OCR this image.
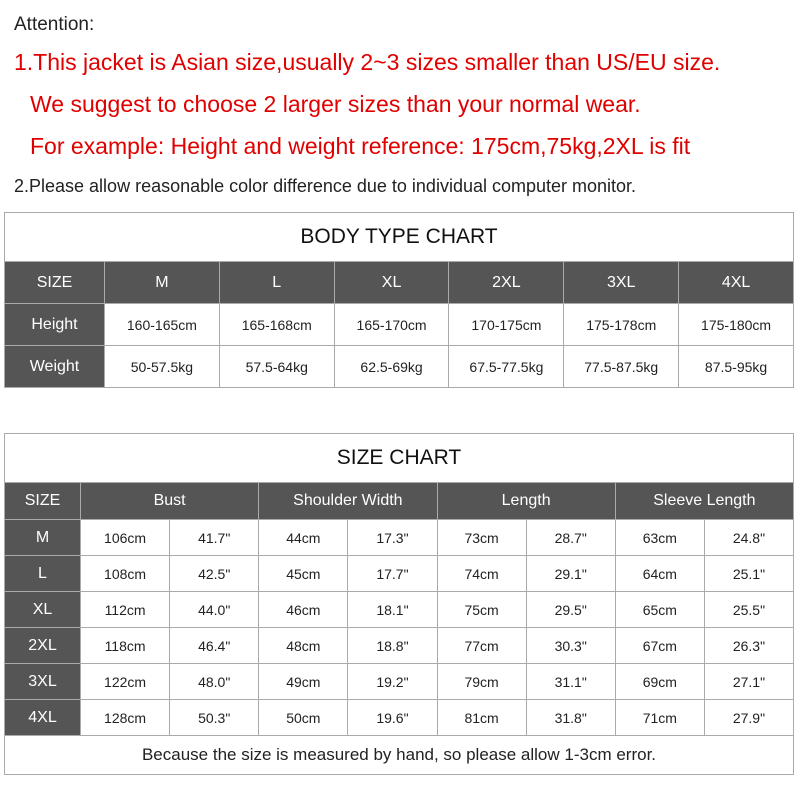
Attention:
1.This jacket is Asian size,usually 2~3 sizes smaller than US/EU size.
We suggest to choose 2 larger sizes than your normal wear.
For example: Height and weight reference: 175cm,75kg,2XL is fit
2.Please allow reasonable color difference due to individual computer monitor.
BODY TYPE CHART						
SIZE	M	L	XL	2XL	3XL	4XL
Height	160-165cm	165-168cm	165-170cm	170-175cm	175-178cm	175-180cm
Weight	50-57.5kg	57.5-64kg	62.5-69kg	67.5-77.5kg	77.5-87.5kg	87.5-95kg
SIZE CHART								
SIZE	Bust		Shoulder Width		Length		Sleeve Length	
M	106cm	41.7"	44cm	17.3"	73cm	28.7"	63cm	24.8"
L	108cm	42.5"	45cm	17.7"	74cm	29.1"	64cm	25.1"
XL	112cm	44.0"	46cm	18.1"	75cm	29.5"	65cm	25.5"
2XL	118cm	46.4"	48cm	18.8"	77cm	30.3"	67cm	26.3"
3XL	122cm	48.0"	49cm	19.2"	79cm	31.1"	69cm	27.1"
4XL	128cm	50.3"	50cm	19.6"	81cm	31.8"	71cm	27.9"
Because the size is measured by hand, so please allow 1-3cm error.								
